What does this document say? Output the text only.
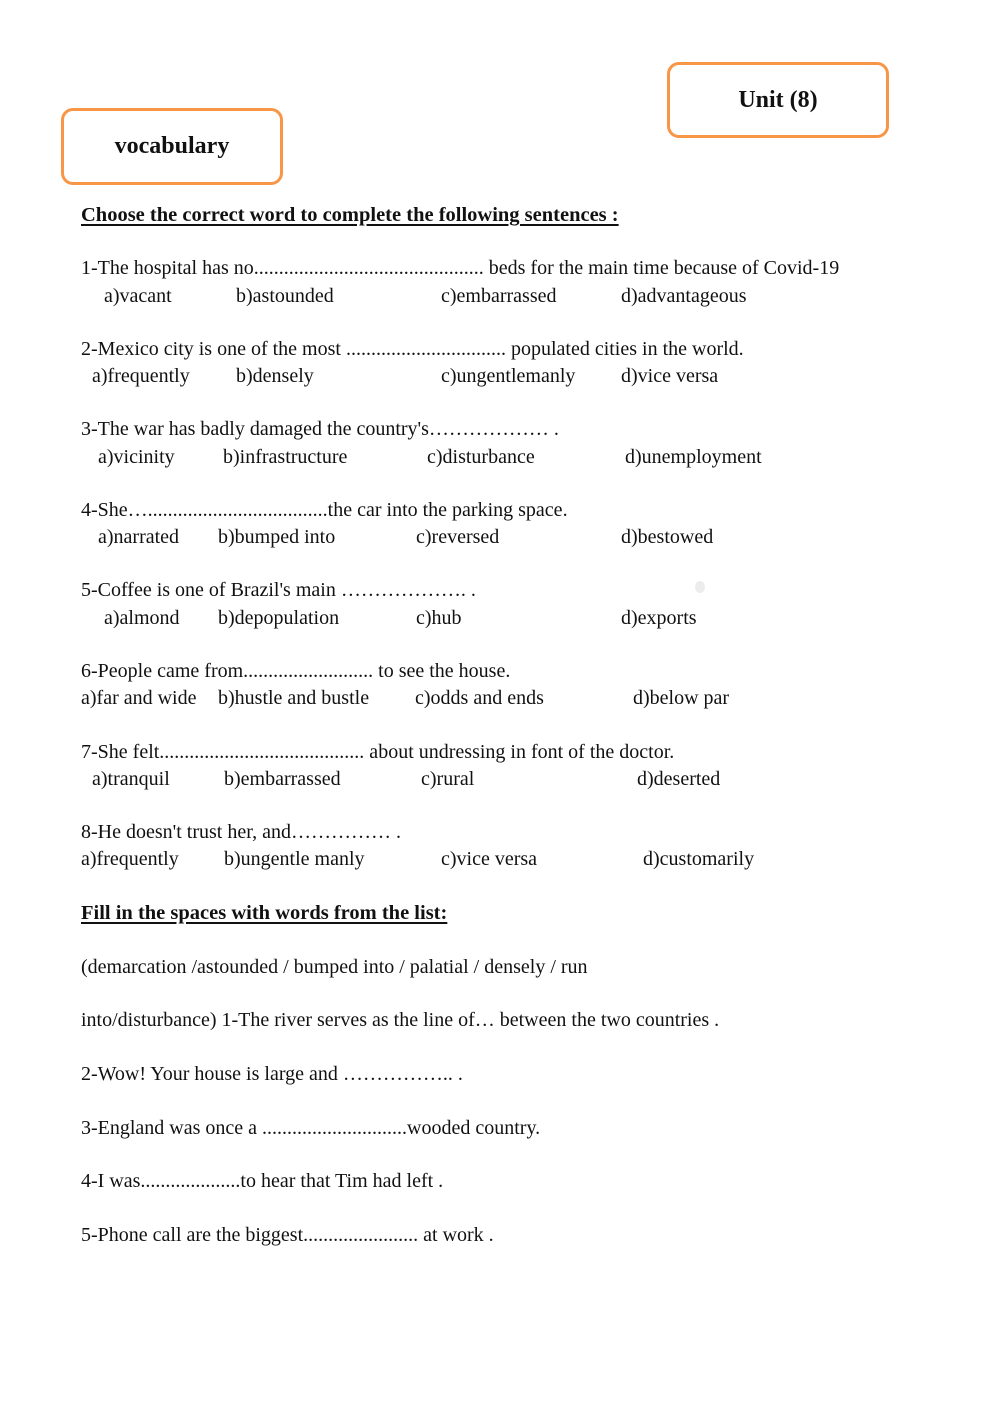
Unit (8)
vocabulary
Choose the correct word to complete the following sentences :
1-The hospital has no.............................................. beds for the main time because of Covid-19
a)vacant	b)astounded	c)embarrassed	d)advantageous
2-Mexico city is one of the most ................................ populated cities in the world.
a)frequently b)densely	c)ungentlemanly d)vice versa
3-The war has badly damaged the country's……………… .
a)vicinity b)infrastructure	c)disturbance	d)unemployment
4-She…....................................the car into the parking space.
a)narrated b)bumped into	c)reversed	d)bestowed
5-Coffee is one of Brazil's main ………………. .
a)almond b)depopulation	c)hub	d)exports
6-People came from.......................... to see the house.
a)far and wide b)hustle and bustle c)odds and ends	d)below par
7-She felt......................................... about undressing in font of the doctor.
a)tranquil	b)embarrassed	c)rural	d)deserted
8-He doesn't trust her, and…………… .
a)frequently b)ungentle manly	c)vice versa	d)customarily
Fill in the spaces with words from the list:
(demarcation /astounded / bumped into / palatial / densely / run
into/disturbance) 1-The river serves as the line of… between the two countries .
2-Wow! Your house is large and …………….. .
3-England was once a .............................wooded country.
4-I was....................to hear that Tim had left .
5-Phone call are the biggest....................... at work .
